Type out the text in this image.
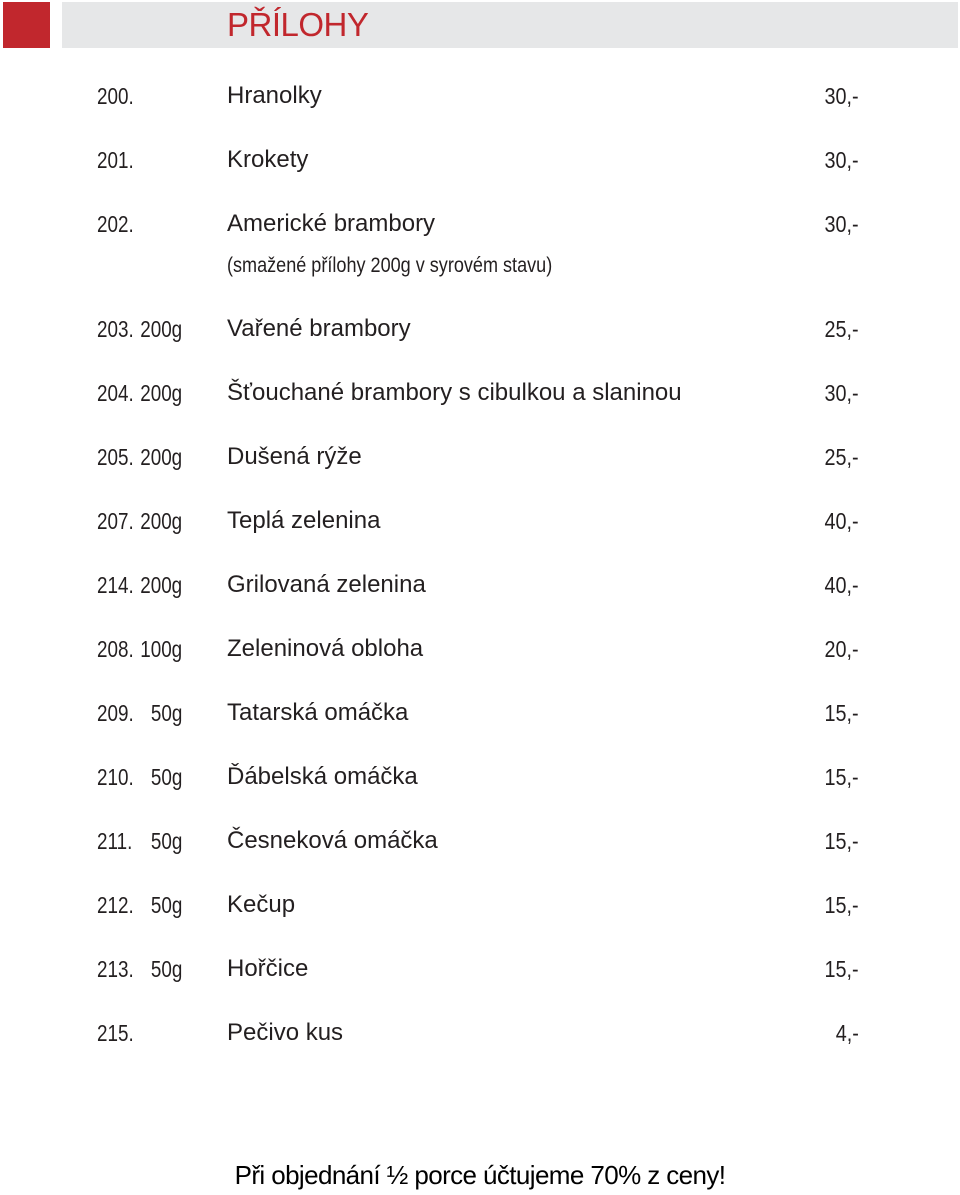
PŘÍLOHY
200.	Hranolky	30,-
201.	Krokety	30,-
202.	Americké brambory	30,-
(smažené přílohy 200g v syrovém stavu)
203. 200g Vařené brambory	25,-
204. 200g Šťouchané brambory s cibulkou a slaninou	30,-
205. 200g Dušená rýže	25,-
207. 200g Teplá zelenina	40,-
214. 200g Grilovaná zelenina	40,-
208. 100g Zeleninová obloha	20,-
209. 50g Tatarská omáčka	15,-
210. 50g Ďábelská omáčka	15,-
211. 50g Česneková omáčka	15,-
212. 50g Kečup	15,-
213. 50g Hořčice	15,-
215.	Pečivo kus	4,-
Při objednání ½ porce účtujeme 70% z ceny!
